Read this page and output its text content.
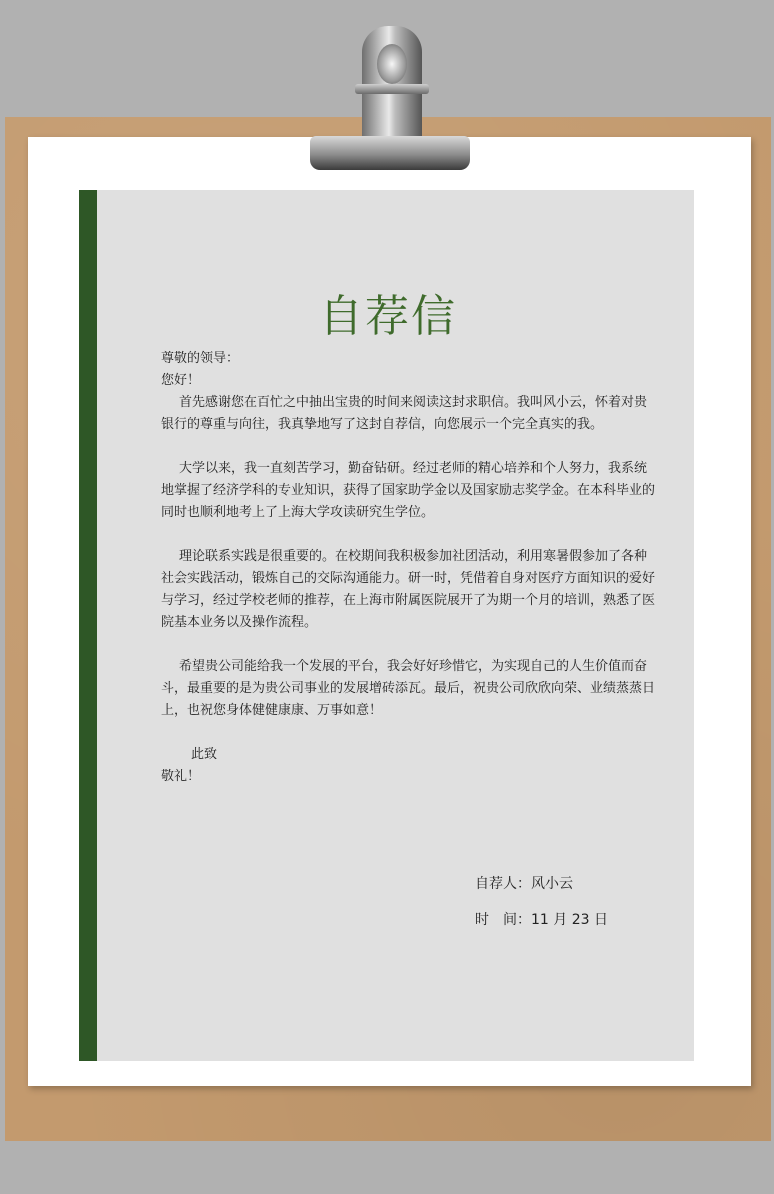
自荐信

尊敬的领导：

您好！

首先感谢您在百忙之中抽出宝贵的时间来阅读这封求职信。我叫风小云，怀着对贵银行的尊重与向往，我真挚地写了这封自荐信，向您展示一个完全真实的我。

大学以来，我一直刻苦学习，勤奋钻研。经过老师的精心培养和个人努力，我系统地掌握了经济学科的专业知识，获得了国家助学金以及国家励志奖学金。在本科毕业的同时也顺利地考上了上海大学攻读研究生学位。

理论联系实践是很重要的。在校期间我积极参加社团活动，利用寒暑假参加了各种社会实践活动，锻炼自己的交际沟通能力。研一时，凭借着自身对医疗方面知识的爱好与学习，经过学校老师的推荐，在上海市附属医院展开了为期一个月的培训，熟悉了医院基本业务以及操作流程。

希望贵公司能给我一个发展的平台，我会好好珍惜它，为实现自己的人生价值而奋斗，最重要的是为贵公司事业的发展增砖添瓦。最后，祝贵公司欣欣向荣、业绩蒸蒸日上，也祝您身体健健康康、万事如意！

此致

敬礼！

自荐人：风小云
时　间：11 月 23 日
